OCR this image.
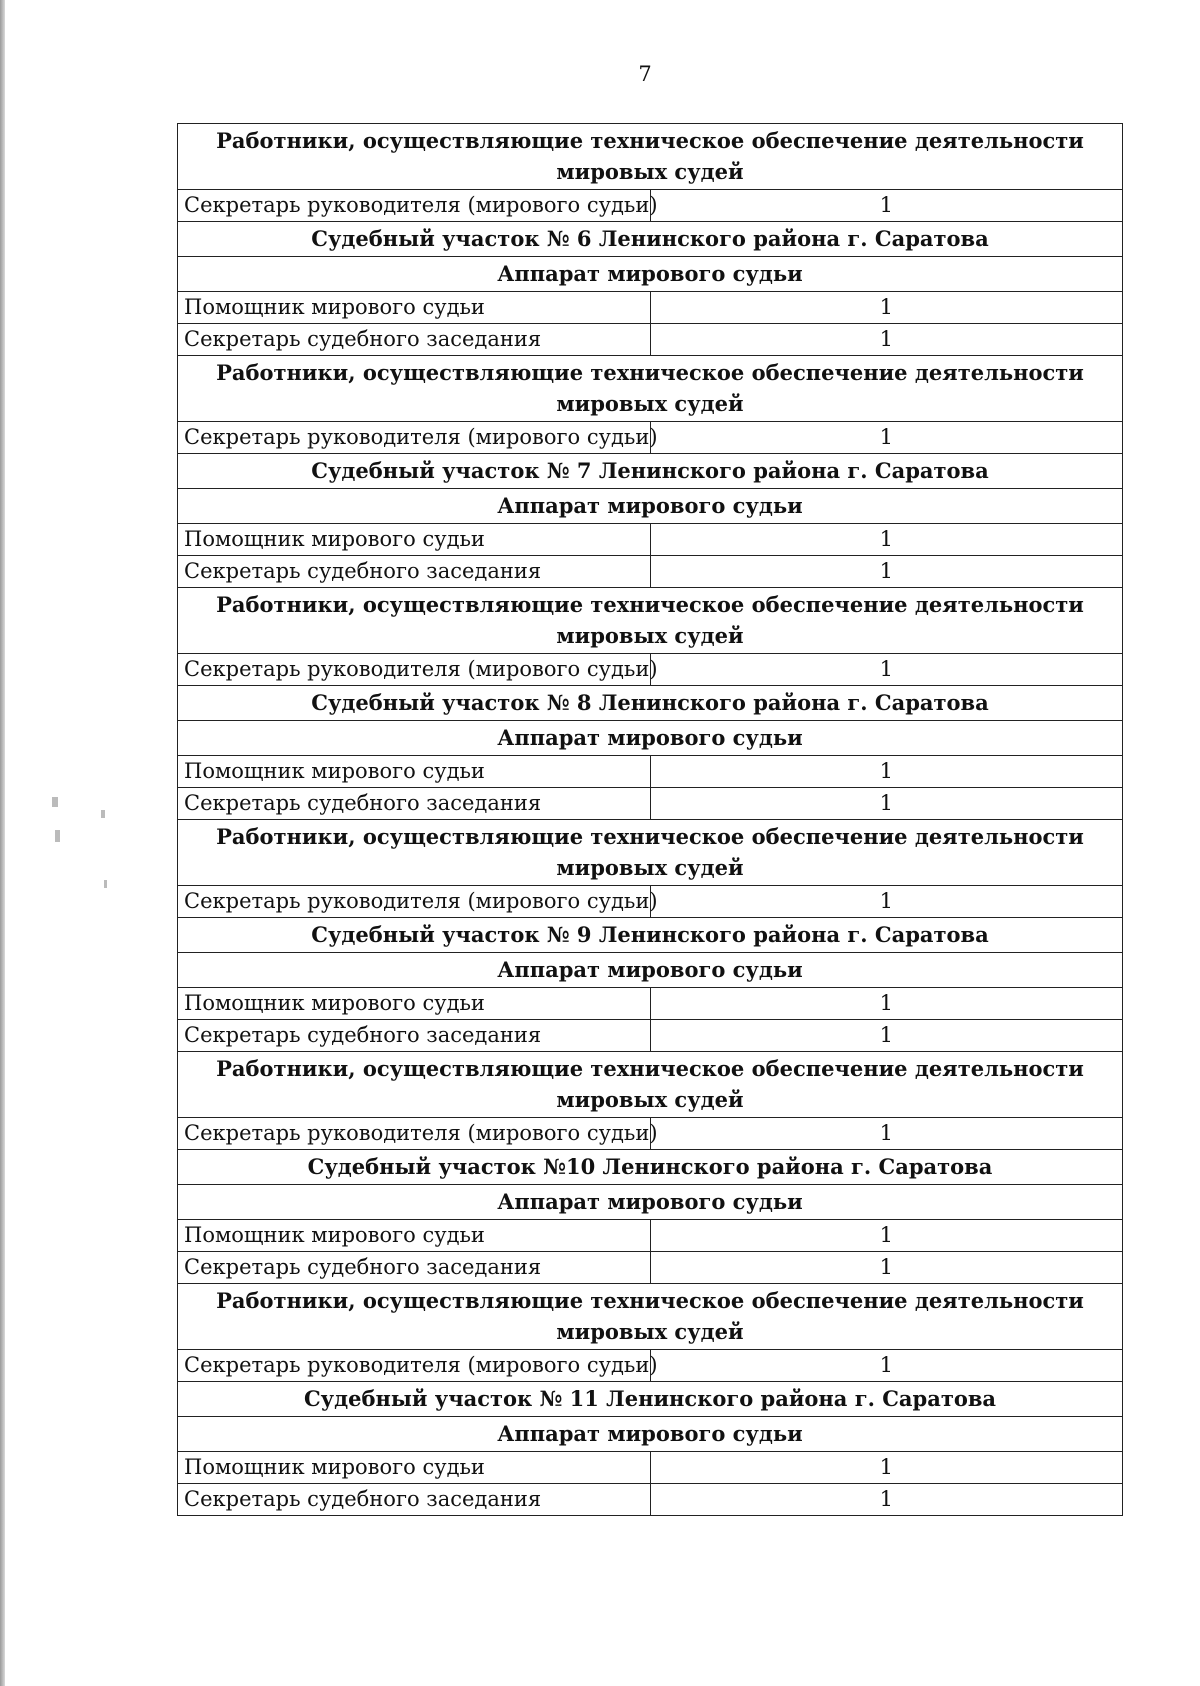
7
Работники, осуществляющие техническое обеспечение деятельности мировых судей	
Секретарь руководителя (мирового судьи)	1
Судебный участок № 6 Ленинского района г. Саратова	
Аппарат мирового судьи	
Помощник мирового судьи	1
Секретарь судебного заседания	1
Работники, осуществляющие техническое обеспечение деятельности мировых судей	
Секретарь руководителя (мирового судьи)	1
Судебный участок № 7 Ленинского района г. Саратова	
Аппарат мирового судьи	
Помощник мирового судьи	1
Секретарь судебного заседания	1
Работники, осуществляющие техническое обеспечение деятельности мировых судей	
Секретарь руководителя (мирового судьи)	1
Судебный участок № 8 Ленинского района г. Саратова	
Аппарат мирового судьи	
Помощник мирового судьи	1
Секретарь судебного заседания	1
Работники, осуществляющие техническое обеспечение деятельности мировых судей	
Секретарь руководителя (мирового судьи)	1
Судебный участок № 9 Ленинского района г. Саратова	
Аппарат мирового судьи	
Помощник мирового судьи	1
Секретарь судебного заседания	1
Работники, осуществляющие техническое обеспечение деятельности мировых судей	
Секретарь руководителя (мирового судьи)	1
Судебный участок №10 Ленинского района г. Саратова	
Аппарат мирового судьи	
Помощник мирового судьи	1
Секретарь судебного заседания	1
Работники, осуществляющие техническое обеспечение деятельности мировых судей	
Секретарь руководителя (мирового судьи)	1
Судебный участок № 11 Ленинского района г. Саратова	
Аппарат мирового судьи	
Помощник мирового судьи	1
Секретарь судебного заседания	1
